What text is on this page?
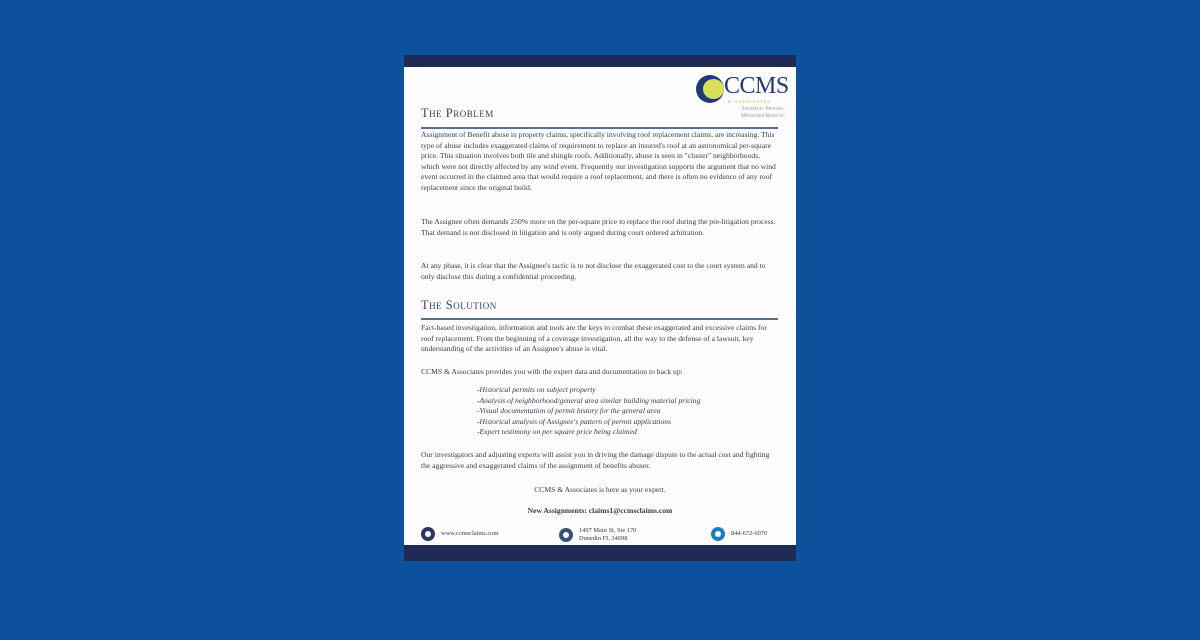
CCMS
& ASSOCIATES
Strategic Process.
Measured Results.
The Problem

Assignment of Benefit abuse in property claims, specifically involving roof replacement claims, are increasing. This type of abuse includes exaggerated claims of requirement to replace an insured's roof at an astronomical per-square price. This situation involves both tile and shingle roofs. Additionally, abuse is seen in "cluster" neighborhoods, which were not directly affected by any wind event. Frequently our investigation supports the argument that no wind event occurred in the claimed area that would require a roof replacement, and there is often no evidence of any roof replacement since the original build.

The Assignee often demands 250% more on the per-square price to replace the roof during the pre-litigation process. That demand is not disclosed in litigation and is only argued during court ordered arbitration.

At any phase, it is clear that the Assignee's tactic is to not disclose the exaggerated cost to the court system and to only disclose this during a confidential proceeding.

The Solution

Fact-based investigation, information and tools are the keys to combat these exaggerated and excessive claims for roof replacement. From the beginning of a coverage investigation, all the way to the defense of a lawsuit, key understanding of the activities of an Assignee's abuse is vital.

CCMS & Associates provides you with the expert data and documentation to back up:

-Historical permits on subject property
-Analysis of neighborhood/general area similar building material pricing
-Visual documentation of permit history for the general area
-Historical analysis of Assignee's pattern of permit applications
-Expert testimony on per square price being claimed

Our investigators and adjusting experts will assist you in driving the damage dispute to the actual cost and fighting the aggressive and exaggerated claims of the assignment of benefits abuser.

CCMS & Associates is here as your expert.
New Assignments: claims1@ccmsclaims.com
www.ccmsclaims.com	1497 Main St, Ste 170
Dunedin FL 34698
844-672-6070
